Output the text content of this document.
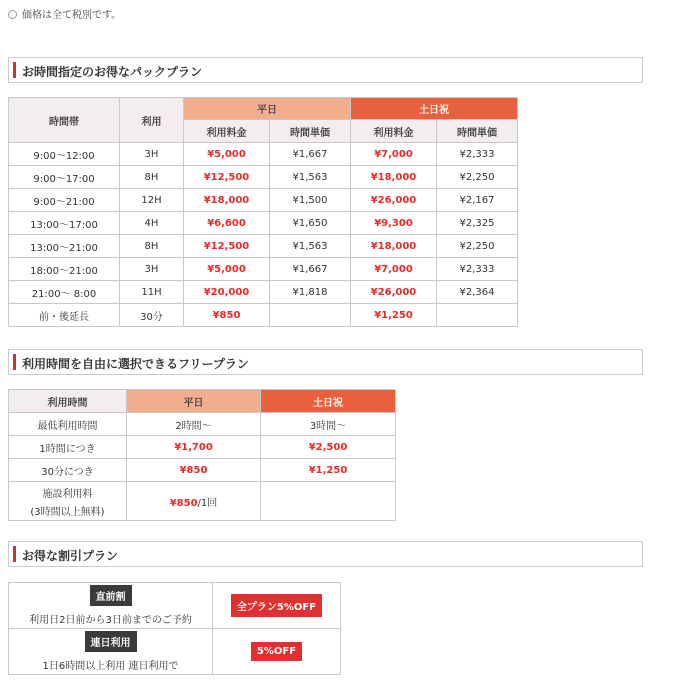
価格は全て税別です。
お時間指定のお得なパックプラン
時間帯	利用	平日		土日祝	
		利用料金	時間単価	利用料金	時間単価
9:00～12:00	3H	¥5,000	¥1,667	¥7,000	¥2,333
9:00～17:00	8H	¥12,500	¥1,563	¥18,000	¥2,250
9:00～21:00	12H	¥18,000	¥1,500	¥26,000	¥2,167
13:00～17:00	4H	¥6,600	¥1,650	¥9,300	¥2,325
13:00～21:00	8H	¥12,500	¥1,563	¥18,000	¥2,250
18:00～21:00	3H	¥5,000	¥1,667	¥7,000	¥2,333
21:00～ 8:00	11H	¥20,000	¥1,818	¥26,000	¥2,364
前・後延長	30分	¥850		¥1,250	
利用時間を自由に選択できるフリープラン
利用時間	平日	土日祝
最低利用時間	2時間～	3時間～
1時間につき	¥1,700	¥2,500
30分につき	¥850	¥1,250

施設利用料
(3時間以上無料)	¥850/1回	
お得な割引プラン
直前割
利用日2日前から3日前までのご予約	全プラン5%OFF
連日利用
1日6時間以上利用 連日利用で	5%OFF
